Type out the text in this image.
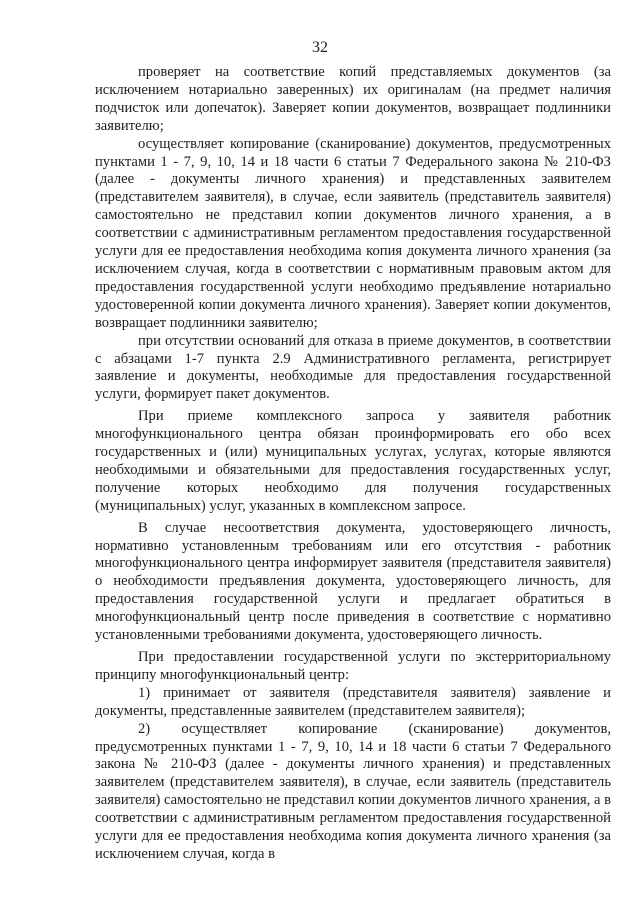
32

проверяет на соответствие копий представляемых документов (за исключением нотариально заверенных) их оригиналам (на предмет наличия подчисток или допечаток). Заверяет копии документов, возвращает подлинники заявителю;

осуществляет копирование (сканирование) документов, предусмотренных пунктами 1 - 7, 9, 10, 14 и 18 части 6 статьи 7 Федерального закона № 210-ФЗ (далее - документы личного хранения) и представленных заявителем (представителем заявителя), в случае, если заявитель (представитель заявителя) самостоятельно не представил копии документов личного хранения, а в соответствии с административным регламентом предоставления государственной услуги для ее предоставления необходима копия документа личного хранения (за исключением случая, когда в соответствии с нормативным правовым актом для предоставления государственной услуги необходимо предъявление нотариально удостоверенной копии документа личного хранения). Заверяет копии документов, возвращает подлинники заявителю;

при отсутствии оснований для отказа в приеме документов, в соответствии с абзацами 1-7 пункта 2.9 Административного регламента, регистрирует заявление и документы, необходимые для предоставления государственной услуги, формирует пакет документов.

При приеме комплексного запроса у заявителя работник многофункционального центра обязан проинформировать его обо всех государственных и (или) муниципальных услугах, услугах, которые являются необходимыми и обязательными для предоставления государственных услуг, получение которых необходимо для получения государственных (муниципальных) услуг, указанных в комплексном запросе.

В случае несоответствия документа, удостоверяющего личность, нормативно установленным требованиям или его отсутствия - работник многофункционального центра информирует заявителя (представителя заявителя) о необходимости предъявления документа, удостоверяющего личность, для предоставления государственной услуги и предлагает обратиться в многофункциональный центр после приведения в соответствие с нормативно установленными требованиями документа, удостоверяющего личность.

При предоставлении государственной услуги по экстерриториальному принципу многофункциональный центр:

1) принимает от заявителя (представителя заявителя) заявление и документы, представленные заявителем (представителем заявителя);

2) осуществляет копирование (сканирование) документов, предусмотренных пунктами 1 - 7, 9, 10, 14 и 18 части 6 статьи 7 Федерального закона № 210-ФЗ (далее - документы личного хранения) и представленных заявителем (представителем заявителя), в случае, если заявитель (представитель заявителя) самостоятельно не представил копии документов личного хранения, а в соответствии с административным регламентом предоставления государственной услуги для ее предоставления необходима копия документа личного хранения (за исключением случая, когда в
